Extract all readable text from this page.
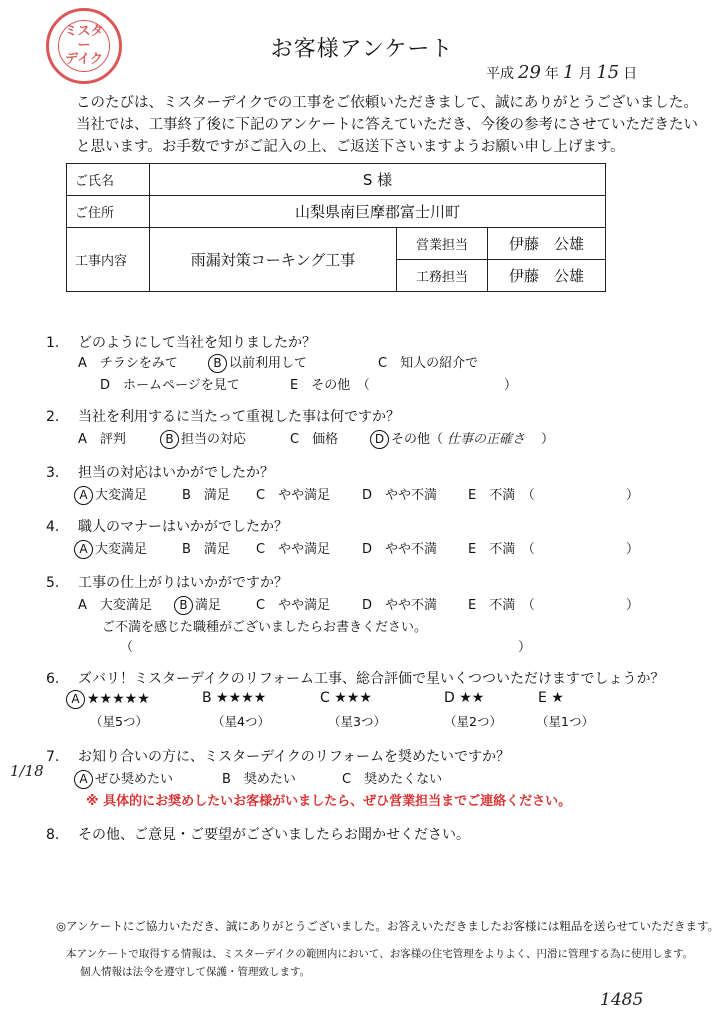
ミスター
デイク	お客様アンケート
平成 29 年 1 月 15 日
このたびは、ミスターデイクでの工事をご依頼いただきまして、誠にありがとうございました。
当社では、工事終了後に下記のアンケートに答えていただき、今後の参考にさせていただきたい
と思います。お手数ですがご記入の上、ご返送下さいますようお願い申し上げます。
ご氏名	S 様		
ご住所	山梨県南巨摩郡富士川町		
工事内容	雨漏対策コーキング工事	営業担当	伊藤　公雄
		工務担当	伊藤　公雄
1. どのようにして当社を知りましたか？
A　チラシをみて	B 以前利用して	C　知人の紹介で
D　ホームページを見て	E　その他　（	）
2. 当社を利用するに当たって重視した事は何ですか？
A　評判	B 担当の対応	C　価格	D その他（ 仕事の正確さ ）
3. 担当の対応はいかがでしたか？
A 大変満足	B　満足 C　やや満足 D　やや不満 E　不満　（	）
4. 職人のマナーはいかがでしたか？
A 大変満足	B　満足 C　やや満足 D　やや不満 E　不満　（	）
5. 工事の仕上がりはいかがですか？
A　大変満足	B 満足	C　やや満足 D　やや不満 E　不満　（	）
ご不満を感じた職種がございましたらお書きください。
（	）
6. ズバリ！ミスターデイクのリフォーム工事、総合評価で星いくつついただけますでしょうか？
A ★★★★★	B ★★★★	C ★★★	D ★★	E ★
（星5つ）	（星4つ）	（星3つ）	（星2つ）	（星1つ）
1/18
7. お知り合いの方に、ミスターデイクのリフォームを奨めたいですか？
A ぜひ奨めたい	B　奨めたい	C　奨めたくない
※ 具体的にお奨めしたいお客様がいましたら、ぜひ営業担当までご連絡ください。
8. その他、ご意見・ご要望がございましたらお聞かせください。
◎アンケートにご協力いただき、誠にありがとうございました。お答えいただきましたお客様には粗品を送らせていただきます。
本アンケートで取得する情報は、ミスターデイクの範囲内において、お客様の住宅管理をよりよく、円滑に管理する為に使用します。
個人情報は法令を遵守して保護・管理致します。
1485
